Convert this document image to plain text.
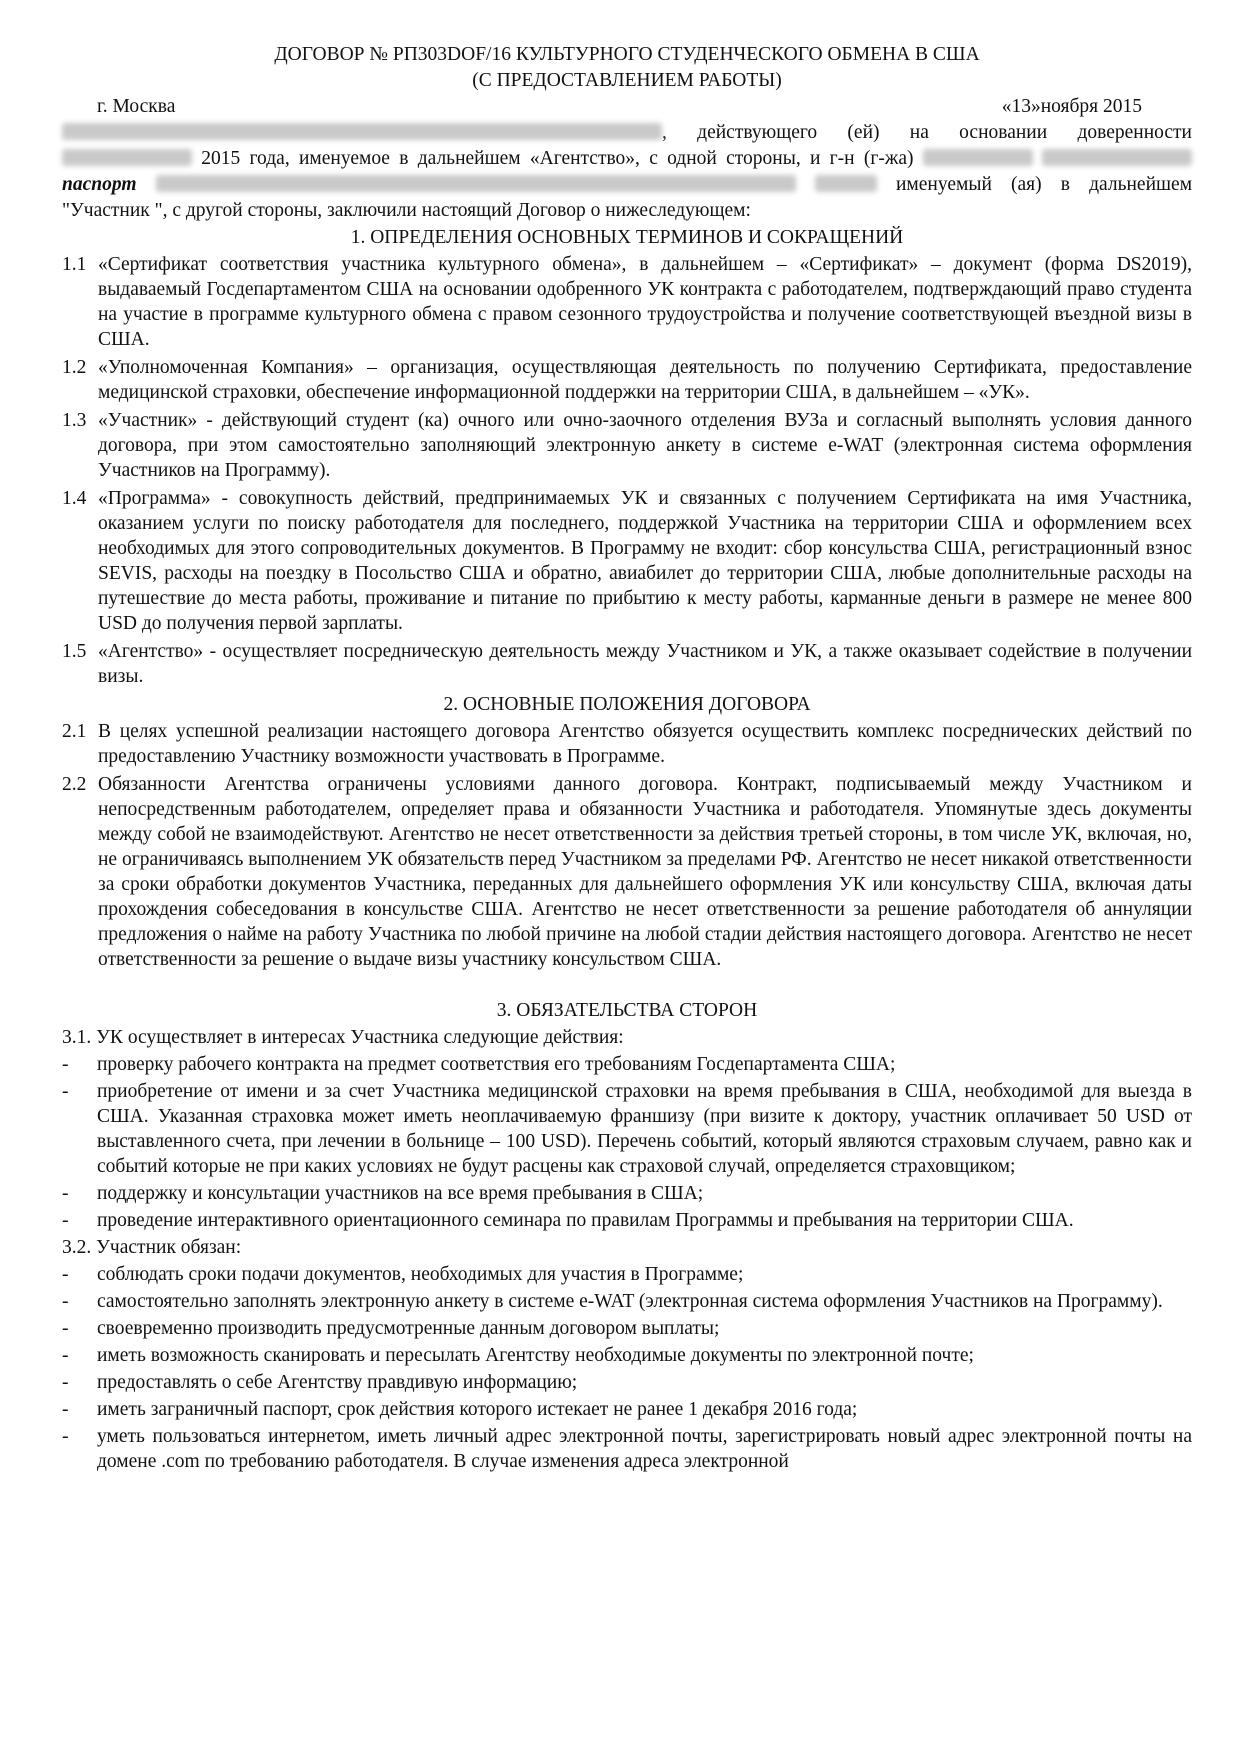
ДОГОВОР № РП303DOF/16 КУЛЬТУРНОГО СТУДЕНЧЕСКОГО ОБМЕНА В США
(С ПРЕДОСТАВЛЕНИЕМ РАБОТЫ)
г. Москва	«13»ноября 2015
, действующего (ей) на основании доверенности  2015 года, именуемое в дальнейшем «Агентство», с одной стороны, и г-н (г-жа)   паспорт	именуемый (ая) в дальнейшем "Участник ", с другой стороны, заключили настоящий Договор о нижеследующем:
1. ОПРЕДЕЛЕНИЯ ОСНОВНЫХ ТЕРМИНОВ И СОКРАЩЕНИЙ
1.1 «Сертификат соответствия участника культурного обмена», в дальнейшем – «Сертификат» – документ (форма DS2019), выдаваемый Госдепартаментом США на основании одобренного УК контракта с работодателем, подтверждающий право студента на участие в программе культурного обмена с правом сезонного трудоустройства и получение соответствующей въездной визы в США.
1.2 «Уполномоченная Компания» – организация, осуществляющая деятельность по получению Сертификата, предоставление медицинской страховки, обеспечение информационной поддержки на территории США, в дальнейшем – «УК».
1.3 «Участник» - действующий студент (ка) очного или очно-заочного отделения ВУЗа и согласный выполнять условия данного договора, при этом самостоятельно заполняющий электронную анкету в системе e-WAT (электронная система оформления Участников на Программу).
1.4 «Программа» - совокупность действий, предпринимаемых УК и связанных с получением Сертификата на имя Участника, оказанием услуги по поиску работодателя для последнего, поддержкой Участника на территории США и оформлением всех необходимых для этого сопроводительных документов. В Программу не входит: сбор консульства США, регистрационный взнос SEVIS, расходы на поездку в Посольство США и обратно, авиабилет до территории США, любые дополнительные расходы на путешествие до места работы, проживание и питание по прибытию к месту работы, карманные деньги в размере не менее 800 USD до получения первой зарплаты.
1.5 «Агентство» - осуществляет посредническую деятельность между Участником и УК, а также оказывает содействие в получении визы.
2. ОСНОВНЫЕ ПОЛОЖЕНИЯ ДОГОВОРА
2.1 В целях успешной реализации настоящего договора Агентство обязуется осуществить комплекс посреднических действий по предоставлению Участнику возможности участвовать в Программе.
2.2 Обязанности Агентства ограничены условиями данного договора. Контракт, подписываемый между Участником и непосредственным работодателем, определяет права и обязанности Участника и работодателя. Упомянутые здесь документы между собой не взаимодействуют. Агентство не несет ответственности за действия третьей стороны, в том числе УК, включая, но, не ограничиваясь выполнением УК обязательств перед Участником за пределами РФ. Агентство не несет никакой ответственности за сроки обработки документов Участника, переданных для дальнейшего оформления УК или консульству США, включая даты прохождения собеседования в консульстве США. Агентство не несет ответственности за решение работодателя об аннуляции предложения о найме на работу Участника по любой причине на любой стадии действия настоящего договора. Агентство не несет ответственности за решение о выдаче визы участнику консульством США.
3. ОБЯЗАТЕЛЬСТВА СТОРОН
3.1. УК осуществляет в интересах Участника следующие действия:
-	проверку рабочего контракта на предмет соответствия его требованиям Госдепартамента США;
-	приобретение от имени и за счет Участника медицинской страховки на время пребывания в США, необходимой для выезда в США. Указанная страховка может иметь неоплачиваемую франшизу (при визите к доктору, участник оплачивает 50 USD от выставленного счета, при лечении в больнице – 100 USD). Перечень событий, который являются страховым случаем, равно как и событий которые не при каких условиях не будут расцены как страховой случай, определяется страховщиком;
-	поддержку и консультации участников на все время пребывания в США;
-	проведение интерактивного ориентационного семинара по правилам Программы и пребывания на территории США.
3.2. Участник обязан:
-	соблюдать сроки подачи документов, необходимых для участия в Программе;
-	самостоятельно заполнять электронную анкету в системе e-WAT (электронная система оформления Участников на Программу).
-	своевременно производить предусмотренные данным договором выплаты;
-	иметь возможность сканировать и пересылать Агентству необходимые документы по электронной почте;
-	предоставлять о себе Агентству правдивую информацию;
-	иметь заграничный паспорт, срок действия которого истекает не ранее 1 декабря 2016 года;
-	уметь пользоваться интернетом, иметь личный адрес электронной почты, зарегистрировать новый адрес электронной почты на домене .com по требованию работодателя. В случае изменения адреса электронной
